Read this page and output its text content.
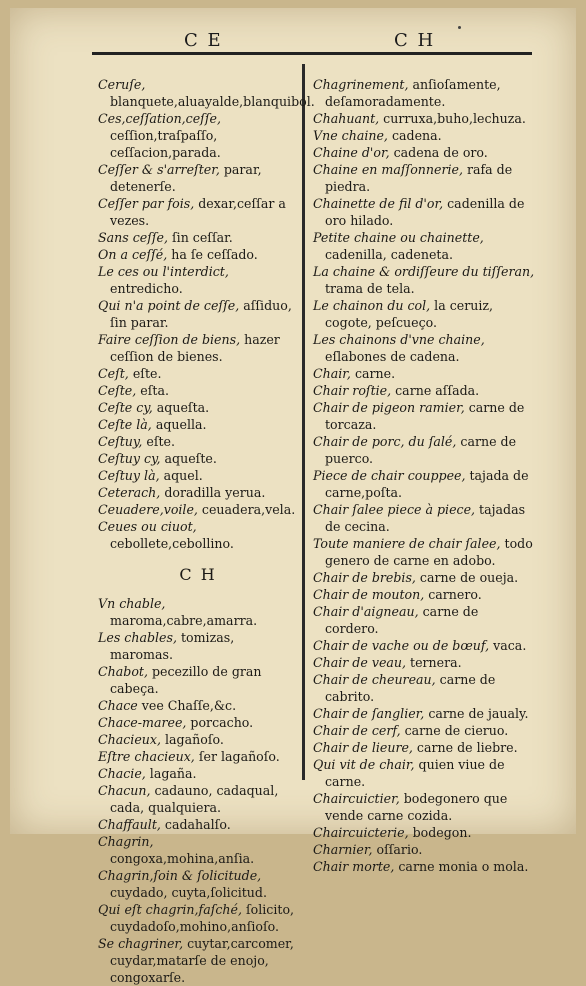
C E	C H

Ceruſe, blanquete,aluayalde,blanquibol.

Ces,ceſſation,ceſſe, ceſſion,traſpaſſo, ceſſacion,parada.

Ceſſer & s'arreſter, parar, detenerſe.

Ceſſer par fois, dexar,ceſſar a vezes.

Sans ceſſe, ſin ceſſar.

On a ceſſé, ha ſe ceſſado.

Le ces ou l'interdict, entredicho.

Qui n'a point de ceſſe, aſſiduo, ſin parar.

Faire ceſſion de biens, hazer ceſſion de bienes.

Ceſt, eſte.

Ceſte, eſta.

Ceſte cy, aqueſta.

Ceſte là, aquella.

Ceſtuy, eſte.

Ceſtuy cy, aqueſte.

Ceſtuy là, aquel.

Ceterach, doradilla yerua.

Ceuadere,voile, ceuadera,vela.

Ceues ou ciuot, cebollete,cebollino.

C H

Vn chable, maroma,cabre,amarra.

Les chables, tomizas, maromas.

Chabot, pecezillo de gran cabeça.

Chace vee Chaſſe,&c.

Chace-maree, porcacho.

Chacieux, lagañoſo.

Eſtre chacieux, ſer lagañoſo.

Chacie, lagaña.

Chacun, cadauno, cadaqual, cada, qualquiera.

Chaffault, cadahalſo.

Chagrin, congoxa,mohina,anſia.

Chagrin,ſoin & ſolicitude, cuydado, cuyta,ſolicitud.

Qui eſt chagrin,faſché, ſolicito, cuydadoſo,mohino,anſioſo.

Se chagriner, cuytar,carcomer, cuydar,matarſe de enojo, congoxarſe.

Chagrinement, anſioſamente, deſamoradamente.

Chahuant, curruxa,buho,lechuza.

Vne chaine, cadena.

Chaine d'or, cadena de oro.

Chaine en maſſonnerie, rafa de piedra.

Chainette de fil d'or, cadenilla de oro hilado.

Petite chaine ou chainette, cadenilla, cadeneta.

La chaine & ordiſſeure du tiſſeran, trama de tela.

Le chainon du col, la ceruiz, cogote, peſcueço.

Les chainons d'vne chaine, eſlabones de cadena.

Chair, carne.

Chair roſtie, carne aſſada.

Chair de pigeon ramier, carne de torcaza.

Chair de porc, du ſalé, carne de puerco.

Piece de chair couppee, tajada de carne,poſta.

Chair ſalee piece à piece, tajadas de cecina.

Toute maniere de chair ſalee, todo genero de carne en adobo.

Chair de brebis, carne de oueja.

Chair de mouton, carnero.

Chair d'aigneau, carne de cordero.

Chair de vache ou de bœuf, vaca.

Chair de veau, ternera.

Chair de cheureau, carne de cabrito.

Chair de ſanglier, carne de jaualy.

Chair de cerf, carne de cieruo.

Chair de lieure, carne de liebre.

Qui vit de chair, quien viue de carne.

Chaircuictier, bodegonero que vende carne cozida.

Chaircuicterie, bodegon.

Charnier, oſſario.

Chair morte, carne monia o mola.
